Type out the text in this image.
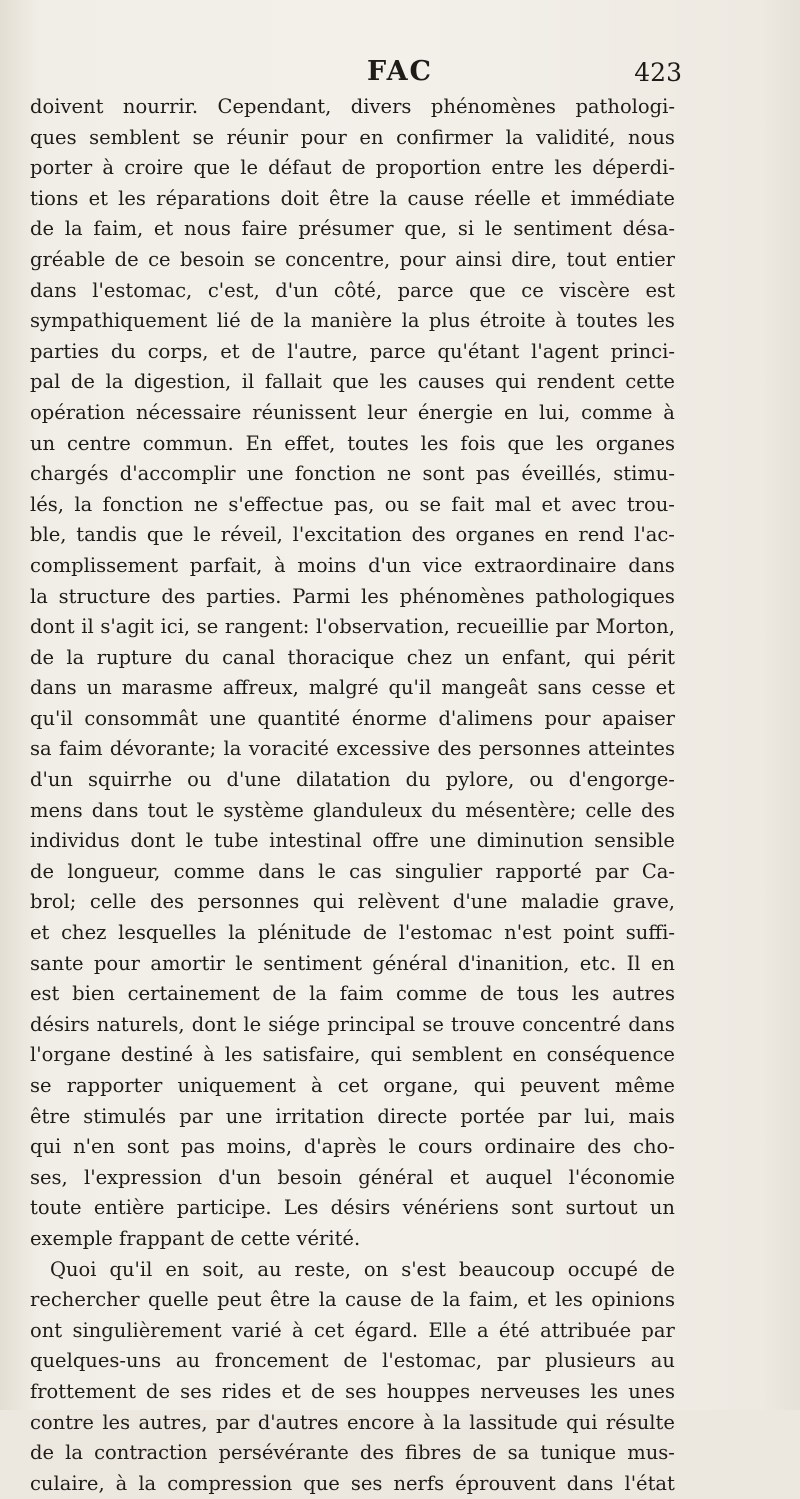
FAC	423
doivent nourrir. Cependant, divers phénomènes pathologi-
ques semblent se réunir pour en confirmer la validité, nous
porter à croire que le défaut de proportion entre les déperdi-
tions et les réparations doit être la cause réelle et immédiate
de la faim, et nous faire présumer que, si le sentiment désa-
gréable de ce besoin se concentre, pour ainsi dire, tout entier
dans l'estomac, c'est, d'un côté, parce que ce viscère est
sympathiquement lié de la manière la plus étroite à toutes les
parties du corps, et de l'autre, parce qu'étant l'agent princi-
pal de la digestion, il fallait que les causes qui rendent cette
opération nécessaire réunissent leur énergie en lui, comme à
un centre commun. En effet, toutes les fois que les organes
chargés d'accomplir une fonction ne sont pas éveillés, stimu-
lés, la fonction ne s'effectue pas, ou se fait mal et avec trou-
ble, tandis que le réveil, l'excitation des organes en rend l'ac-
complissement parfait, à moins d'un vice extraordinaire dans
la structure des parties. Parmi les phénomènes pathologiques
dont il s'agit ici, se rangent: l'observation, recueillie par Morton,
de la rupture du canal thoracique chez un enfant, qui périt
dans un marasme affreux, malgré qu'il mangeât sans cesse et
qu'il consommât une quantité énorme d'alimens pour apaiser
sa faim dévorante; la voracité excessive des personnes atteintes
d'un squirrhe ou d'une dilatation du pylore, ou d'engorge-
mens dans tout le système glanduleux du mésentère; celle des
individus dont le tube intestinal offre une diminution sensible
de longueur, comme dans le cas singulier rapporté par Ca-
brol; celle des personnes qui relèvent d'une maladie grave,
et chez lesquelles la plénitude de l'estomac n'est point suffi-
sante pour amortir le sentiment général d'inanition, etc. Il en
est bien certainement de la faim comme de tous les autres
désirs naturels, dont le siége principal se trouve concentré dans
l'organe destiné à les satisfaire, qui semblent en conséquence
se rapporter uniquement à cet organe, qui peuvent même
être stimulés par une irritation directe portée par lui, mais
qui n'en sont pas moins, d'après le cours ordinaire des cho-
ses, l'expression d'un besoin général et auquel l'économie
toute entière participe. Les désirs vénériens sont surtout un
exemple frappant de cette vérité.
Quoi qu'il en soit, au reste, on s'est beaucoup occupé de
rechercher quelle peut être la cause de la faim, et les opinions
ont singulièrement varié à cet égard. Elle a été attribuée par
quelques-uns au froncement de l'estomac, par plusieurs au
frottement de ses rides et de ses houppes nerveuses les unes
contre les autres, par d'autres encore à la lassitude qui résulte
de la contraction persévérante des fibres de sa tunique mus-
culaire, à la compression que ses nerfs éprouvent dans l'état
